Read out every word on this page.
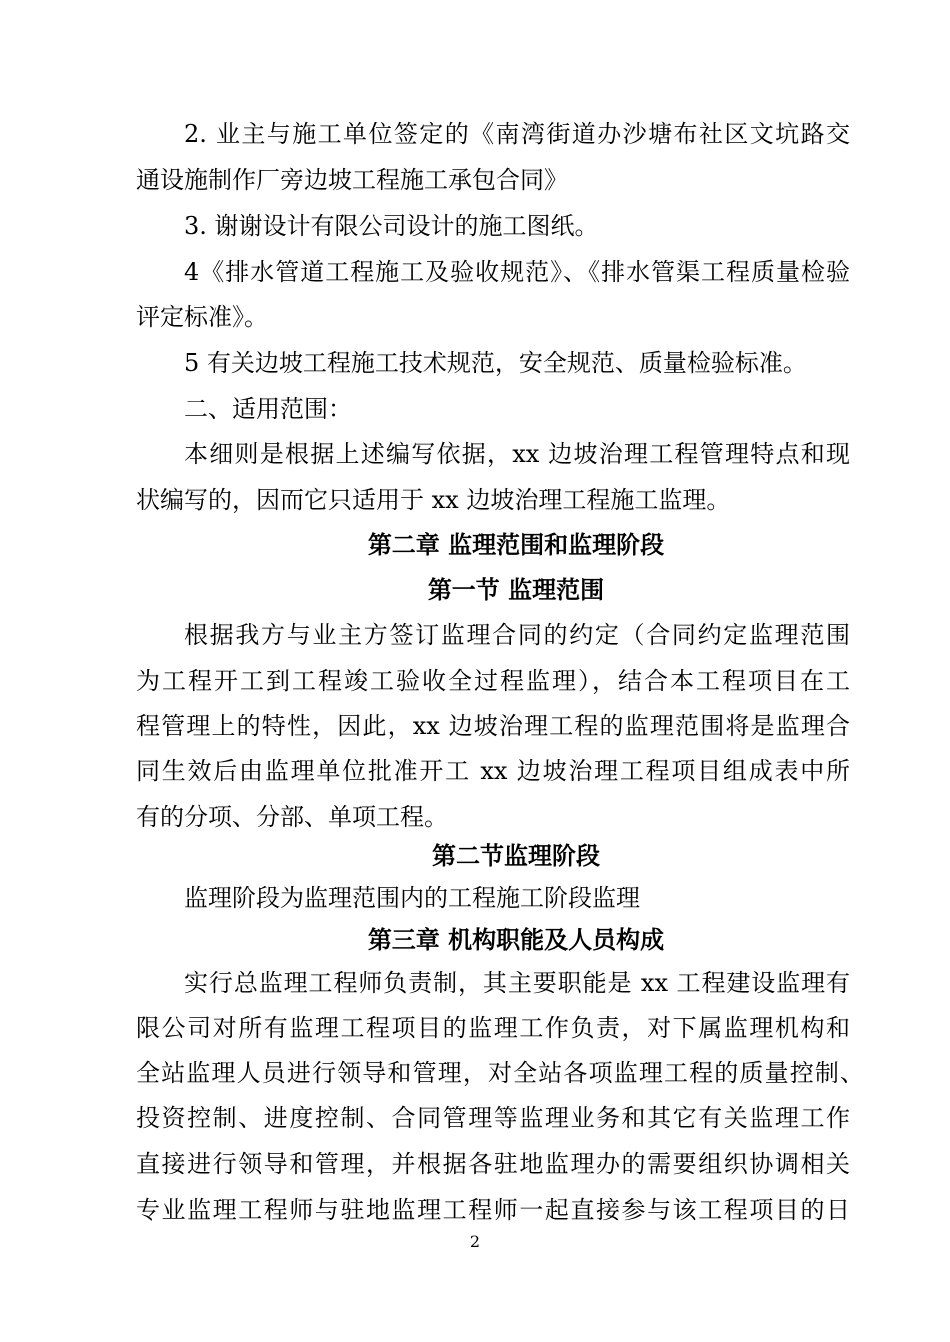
2. 业主与施工单位签定的《南湾街道办沙塘布社区文坑路交
通设施制作厂旁边坡工程施工承包合同》
3. 谢谢设计有限公司设计的施工图纸。
4《排水管道工程施工及验收规范》、《排水管渠工程质量检验
评定标准》。
5 有关边坡工程施工技术规范，安全规范、质量检验标准。
二、适用范围：
本细则是根据上述编写依据，xx 边坡治理工程管理特点和现
状编写的，因而它只适用于 xx 边坡治理工程施工监理。
第二章 监理范围和监理阶段
第一节 监理范围
根据我方与业主方签订监理合同的约定（合同约定监理范围
为工程开工到工程竣工验收全过程监理），结合本工程项目在工
程管理上的特性，因此，xx 边坡治理工程的监理范围将是监理合
同生效后由监理单位批准开工 xx 边坡治理工程项目组成表中所
有的分项、分部、单项工程。
第二节监理阶段
监理阶段为监理范围内的工程施工阶段监理
第三章 机构职能及人员构成
实行总监理工程师负责制，其主要职能是 xx 工程建设监理有
限公司对所有监理工程项目的监理工作负责，对下属监理机构和
全站监理人员进行领导和管理，对全站各项监理工程的质量控制、
投资控制、进度控制、合同管理等监理业务和其它有关监理工作
直接进行领导和管理，并根据各驻地监理办的需要组织协调相关
专业监理工程师与驻地监理工程师一起直接参与该工程项目的日
2
